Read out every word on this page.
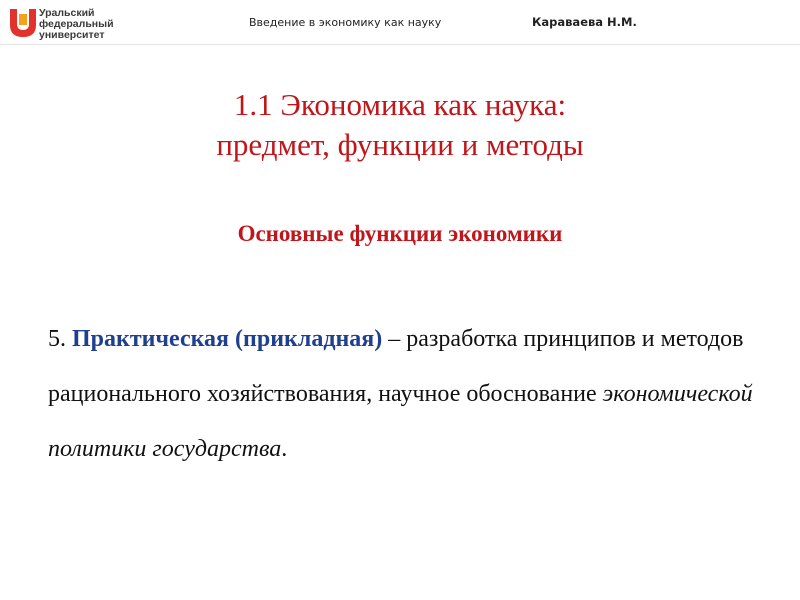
Уральский
федеральный
университет
Введение в экономику как науку	Караваева Н.М.
1.1 Экономика как наука:
предмет, функции и методы
Основные функции экономики
5. Практическая (прикладная) – разработка принципов и методов рационального хозяйствования, научное обоснование экономической политики государства.
